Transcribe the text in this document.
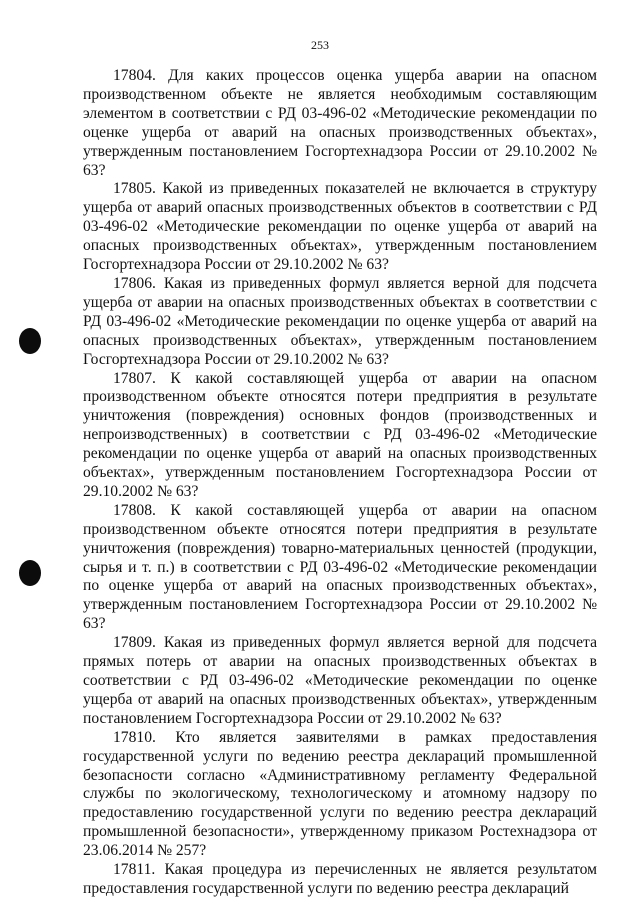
253

17804. Для каких процессов оценка ущерба аварии на опасном производственном объекте не является необходимым составляющим элементом в соответствии с РД 03-496-02 «Методические рекомендации по оценке ущерба от аварий на опасных производственных объектах», утвержденным постановлением Госгортехнадзора России от 29.10.2002 № 63?

17805. Какой из приведенных показателей не включается в структуру ущерба от аварий опасных производственных объектов в соответствии с РД 03-496-02 «Методические рекомендации по оценке ущерба от аварий на опасных производственных объектах», утвержденным постановлением Госгортехнадзора России от 29.10.2002 № 63?

17806. Какая из приведенных формул является верной для подсчета ущерба от аварии на опасных производственных объектах в соответствии с РД 03-496-02 «Методические рекомендации по оценке ущерба от аварий на опасных производственных объектах», утвержденным постановлением Госгортехнадзора России от 29.10.2002 № 63?

17807. К какой составляющей ущерба от аварии на опасном производственном объекте относятся потери предприятия в результате уничтожения (повреждения) основных фондов (производственных и непроизводственных) в соответствии с РД 03-496-02 «Методические рекомендации по оценке ущерба от аварий на опасных производственных объектах», утвержденным постановлением Госгортехнадзора России от 29.10.2002 № 63?

17808. К какой составляющей ущерба от аварии на опасном производственном объекте относятся потери предприятия в результате уничтожения (повреждения) товарно-материальных ценностей (продукции, сырья и т. п.) в соответствии с РД 03-496-02 «Методические рекомендации по оценке ущерба от аварий на опасных производственных объектах», утвержденным постановлением Госгортехнадзора России от 29.10.2002 № 63?

17809. Какая из приведенных формул является верной для подсчета прямых потерь от аварии на опасных производственных объектах в соответствии с РД 03-496-02 «Методические рекомендации по оценке ущерба от аварий на опасных производственных объектах», утвержденным постановлением Госгортехнадзора России от 29.10.2002 № 63?

17810. Кто является заявителями в рамках предоставления государственной услуги по ведению реестра деклараций промышленной безопасности согласно «Административному регламенту Федеральной службы по экологическому, технологическому и атомному надзору по предоставлению государственной услуги по ведению реестра деклараций промышленной безопасности», утвержденному приказом Ростехнадзора от 23.06.2014 № 257?

17811. Какая процедура из перечисленных не является результатом предоставления государственной услуги по ведению реестра деклараций
